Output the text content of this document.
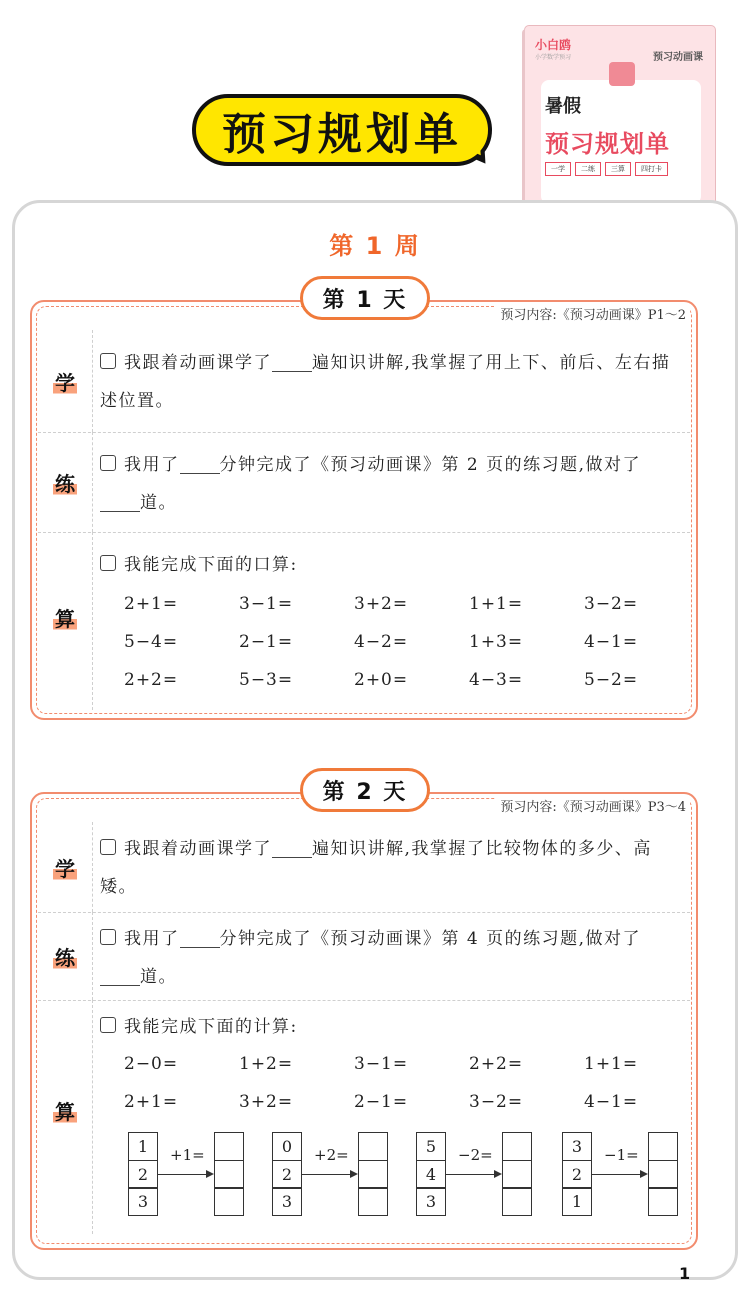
预习规划单
小白鸥
小学数学预习	预习动画课
暑假
预习规划单
一学	二练	三算	四打卡
第 1 周
第 1 天
预习内容:《预习动画课》P1～2
学
我跟着动画课学了 遍知识讲解,我掌握了用上下、前后、左右描述位置。
练
我用了 分钟完成了《预习动画课》第 2 页的练习题,做对了
道。
算
我能完成下面的口算:
2+1=	3−1=	3+2=	1+1=	3−2=
5−4=	2−1=	4−2=	1+3=	4−1=
2+2=	5−3=	2+0=	4−3=	5−2=
第 2 天
预习内容:《预习动画课》P3～4
学
我跟着动画课学了 遍知识讲解,我掌握了比较物体的多少、高矮。
练
我用了 分钟完成了《预习动画课》第 4 页的练习题,做对了
道。
算
我能完成下面的计算:
2−0=	1+2=	3−1=	2+2=	1+1=
2+1=	3+2=	2−1=	3−2=	4−1=
1
2
3
+1=	0
2
3
+2=	5
4
3
−2=	3
2
1
−1=
1
